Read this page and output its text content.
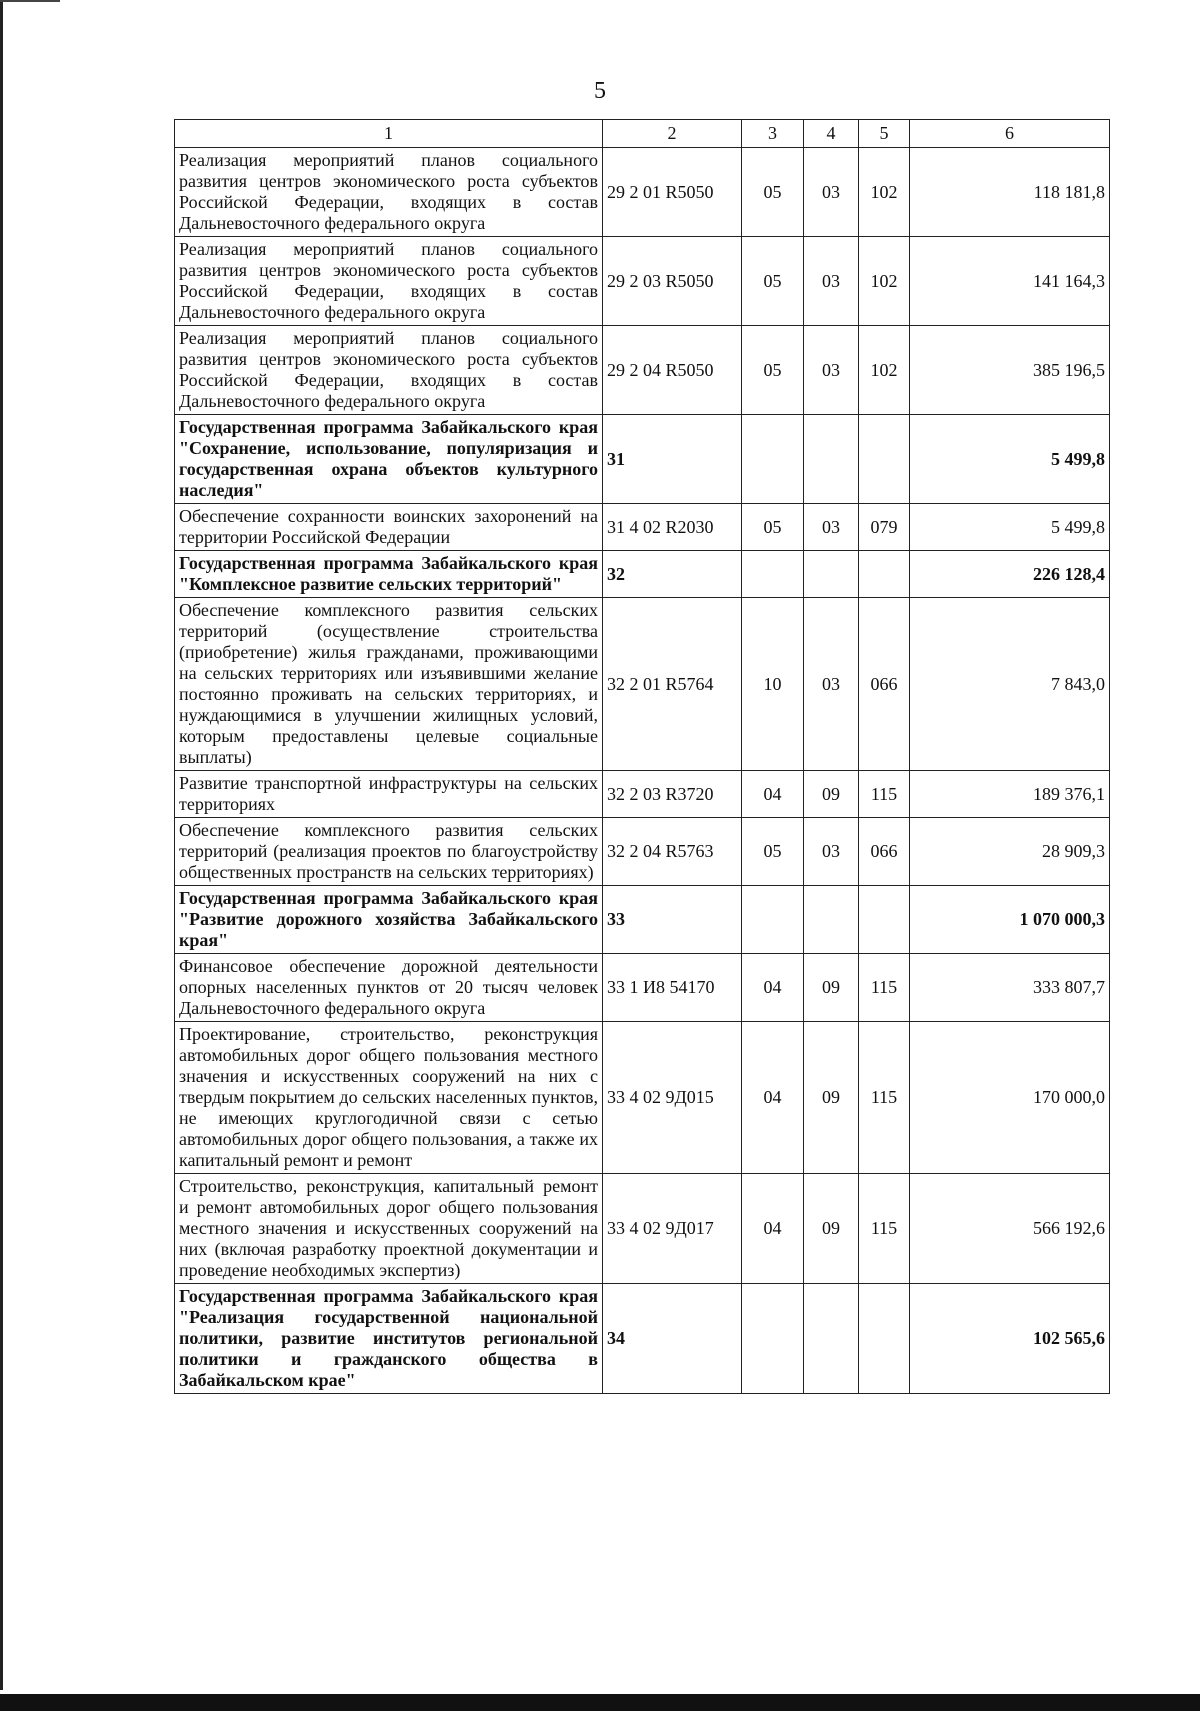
5
1	2	3	4	5	6
Реализация мероприятий планов социального развития центров экономического роста субъектов Российской Федерации, входящих в состав Дальневосточного федерального округа	29 2 01 R5050	05	03	102	118 181,8
Реализация мероприятий планов социального развития центров экономического роста субъектов Российской Федерации, входящих в состав Дальневосточного федерального округа	29 2 03 R5050	05	03	102	141 164,3
Реализация мероприятий планов социального развития центров экономического роста субъектов Российской Федерации, входящих в состав Дальневосточного федерального округа	29 2 04 R5050	05	03	102	385 196,5
Государственная программа Забайкальского края "Сохранение, использование, популяризация и государственная охрана объектов культурного наследия"	31				5 499,8
Обеспечение сохранности воинских захоронений на территории Российской Федерации	31 4 02 R2030	05	03	079	5 499,8
Государственная программа Забайкальского края "Комплексное развитие сельских территорий"	32				226 128,4
Обеспечение комплексного развития сельских территорий (осуществление строительства (приобретение) жилья гражданами, проживающими на сельских территориях или изъявившими желание постоянно проживать на сельских территориях, и нуждающимися в улучшении жилищных условий, которым предоставлены целевые социальные выплаты)	32 2 01 R5764	10	03	066	7 843,0
Развитие транспортной инфраструктуры на сельских территориях	32 2 03 R3720	04	09	115	189 376,1
Обеспечение комплексного развития сельских территорий (реализация проектов по благоустройству общественных пространств на сельских территориях)	32 2 04 R5763	05	03	066	28 909,3
Государственная программа Забайкальского края "Развитие дорожного хозяйства Забайкальского края"	33				1 070 000,3
Финансовое обеспечение дорожной деятельности опорных населенных пунктов от 20 тысяч человек Дальневосточного федерального округа	33 1 И8 54170	04	09	115	333 807,7
Проектирование, строительство, реконструкция автомобильных дорог общего пользования местного значения и искусственных сооружений на них с твердым покрытием до сельских населенных пунктов, не имеющих круглогодичной связи с сетью автомобильных дорог общего пользования, а также их капитальный ремонт и ремонт	33 4 02 9Д015	04	09	115	170 000,0
Строительство, реконструкция, капитальный ремонт и ремонт автомобильных дорог общего пользования местного значения и искусственных сооружений на них (включая разработку проектной документации и проведение необходимых экспертиз)	33 4 02 9Д017	04	09	115	566 192,6
Государственная программа Забайкальского края "Реализация государственной национальной политики, развитие институтов региональной политики и гражданского общества в Забайкальском крае"	34				102 565,6
